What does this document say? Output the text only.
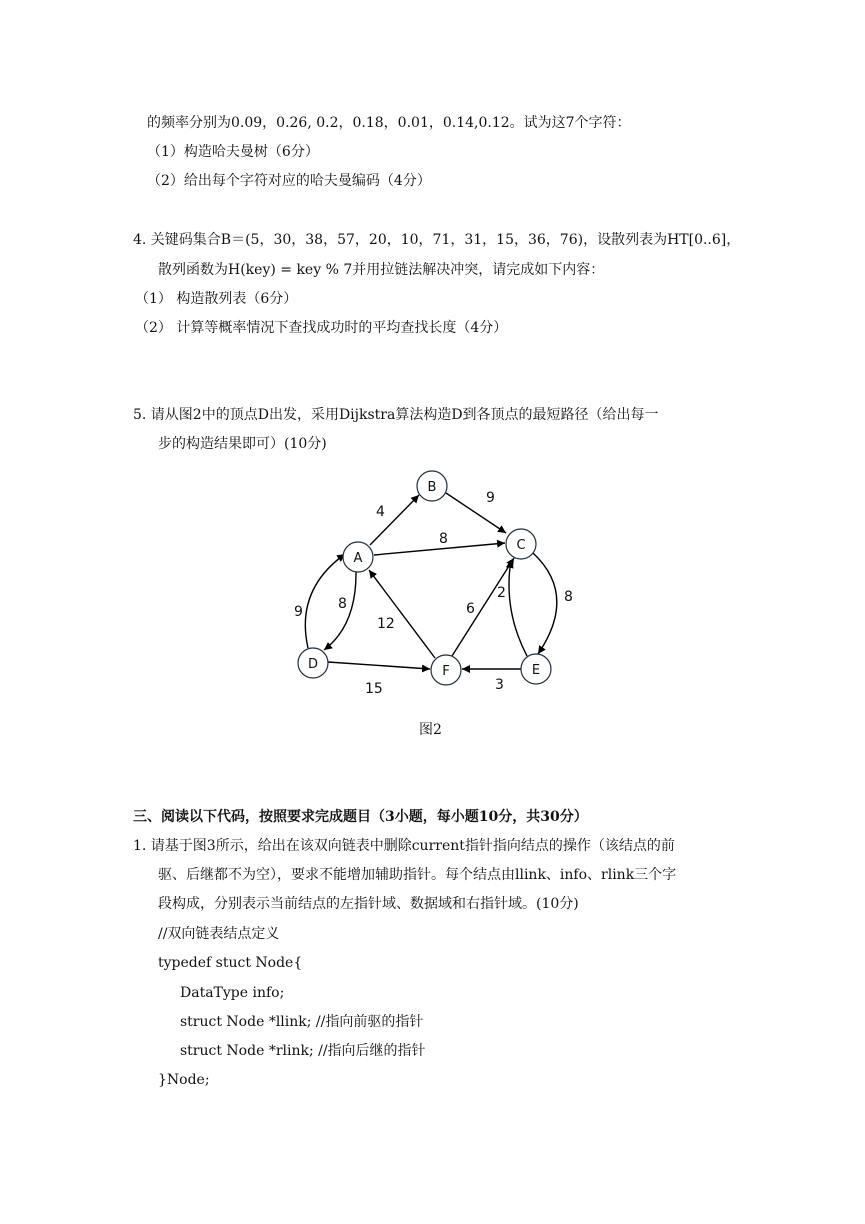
的频率分别为0.09，0.26, 0.2，0.18，0.01，0.14,0.12。试为这7个字符：
（1）构造哈夫曼树（6分）
（2）给出每个字符对应的哈夫曼编码（4分）
4. 关键码集合B＝(5，30，38，57，20，10，71，31，15，36，76)，设散列表为HT[0..6]，
散列函数为H(key) = key % 7并用拉链法解决冲突，请完成如下内容：
（1） 构造散列表（6分）
（2） 计算等概率情况下查找成功时的平均查找长度（4分）
5. 请从图2中的顶点D出发，采用Dijkstra算法构造D到各顶点的最短路径（给出每一
步的构造结果即可）(10分)
4
9
8
9	8
12
6
2	8
3
15
A
B
C
D	E
F
图2
三、阅读以下代码，按照要求完成题目（3小题，每小题10分，共30分）
1. 请基于图3所示，给出在该双向链表中删除current指针指向结点的操作（该结点的前
驱、后继都不为空），要求不能增加辅助指针。每个结点由llink、info、rlink三个字
段构成，分别表示当前结点的左指针域、数据域和右指针域。(10分)
//双向链表结点定义
typedef stuct Node{
DataType info;
struct Node *llink; //指向前驱的指针
struct Node *rlink; //指向后继的指针
}Node;
